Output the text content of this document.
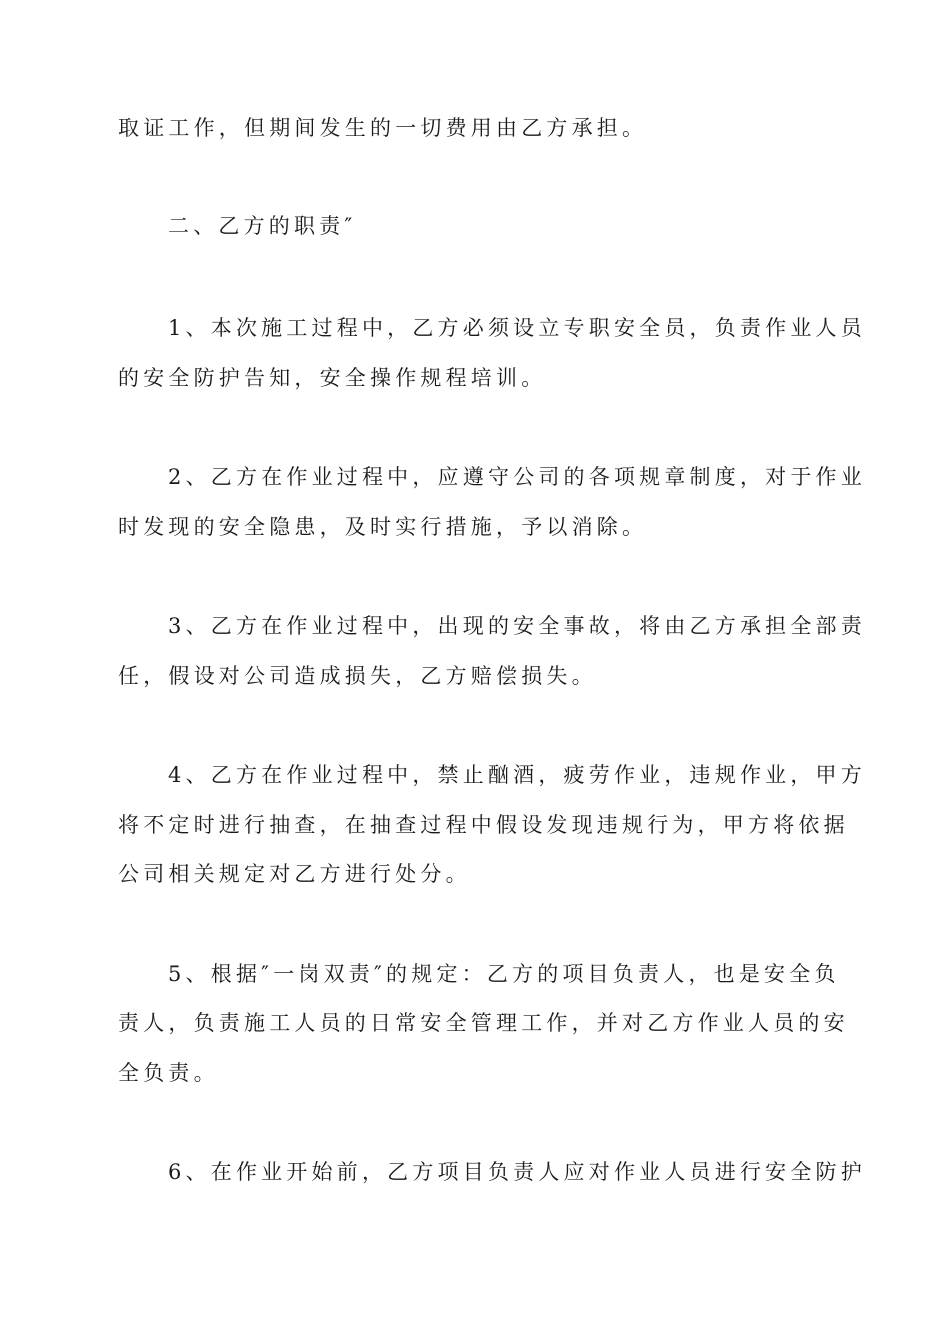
取证工作，但期间发生的一切费用由乙方承担。
二、乙方的职责″
1、本次施工过程中，乙方必须设立专职安全员，负责作业人员
的安全防护告知，安全操作规程培训。
2、乙方在作业过程中，应遵守公司的各项规章制度，对于作业
时发现的安全隐患，及时实行措施，予以消除。
3、乙方在作业过程中，出现的安全事故，将由乙方承担全部责
任，假设对公司造成损失，乙方赔偿损失。
4、乙方在作业过程中，禁止酗酒，疲劳作业，违规作业，甲方
将不定时进行抽查，在抽查过程中假设发现违规行为，甲方将依据
公司相关规定对乙方进行处分。
5、根据″一岗双责″的规定：乙方的项目负责人，也是安全负
责人，负责施工人员的日常安全管理工作，并对乙方作业人员的安
全负责。
6、在作业开始前，乙方项目负责人应对作业人员进行安全防护
